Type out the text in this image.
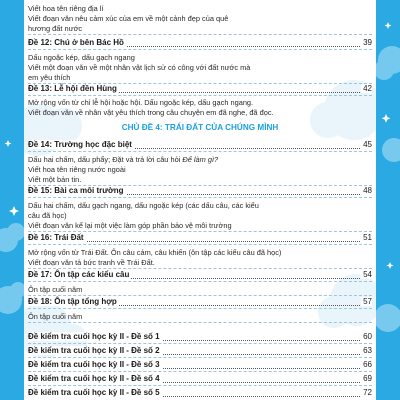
Viết hoa tên riêng địa lí
Viết đoạn văn nêu cảm xúc của em về một cảnh đẹp của quê
hương đất nước
Đề 12: Chú ở bên Bác Hồ	39
Dấu ngoặc kép, dấu gạch ngang
Viết một đoạn văn về một nhân vật lịch sử có công với đất nước mà
em yêu thích
Đề 13: Lễ hội đền Hùng	42
Mở rộng vốn từ chỉ lễ hội hoặc hội. Dấu ngoặc kép, dấu gạch ngang.
Viết đoạn văn về nhân vật yêu thích trong câu chuyện em đã nghe, đã đọc.
CHỦ ĐỀ 4: TRÁI ĐẤT CỦA CHÚNG MÌNH
Đề 14: Trường học đặc biệt	45
Dấu hai chấm, dấu phẩy; Đặt và trả lời câu hỏi Để làm gì?
Viết hoa tên riêng nước ngoài
Viết một bản tin.
Đề 15: Bài ca môi trường	48
Dấu hai chấm, dấu gạch ngang, dấu ngoặc kép (các dấu câu, các kiểu
câu đã học)
Viết đoạn văn kể lại một việc làm góp phần bảo vệ môi trường
Đề 16: Trái Đất	51
Mở rộng vốn từ Trái Đất. Ôn câu cảm, câu khiến (ôn tập các kiểu câu đã học)
Viết đoạn văn tả bức tranh về Trái Đất.
Đề 17: Ôn tập các kiểu câu	54
Ôn tập cuối năm
Đề 18: Ôn tập tổng hợp	57
Ôn tập cuối năm
Đề kiểm tra cuối học kỳ II - Đề số 1	60
Đề kiểm tra cuối học kỳ II - Đề số 2	63
Đề kiểm tra cuối học kỳ II - Đề số 3	66
Đề kiểm tra cuối học kỳ II - Đề số 4	69
Đề kiểm tra cuối học kỳ II - Đề số 5	72
